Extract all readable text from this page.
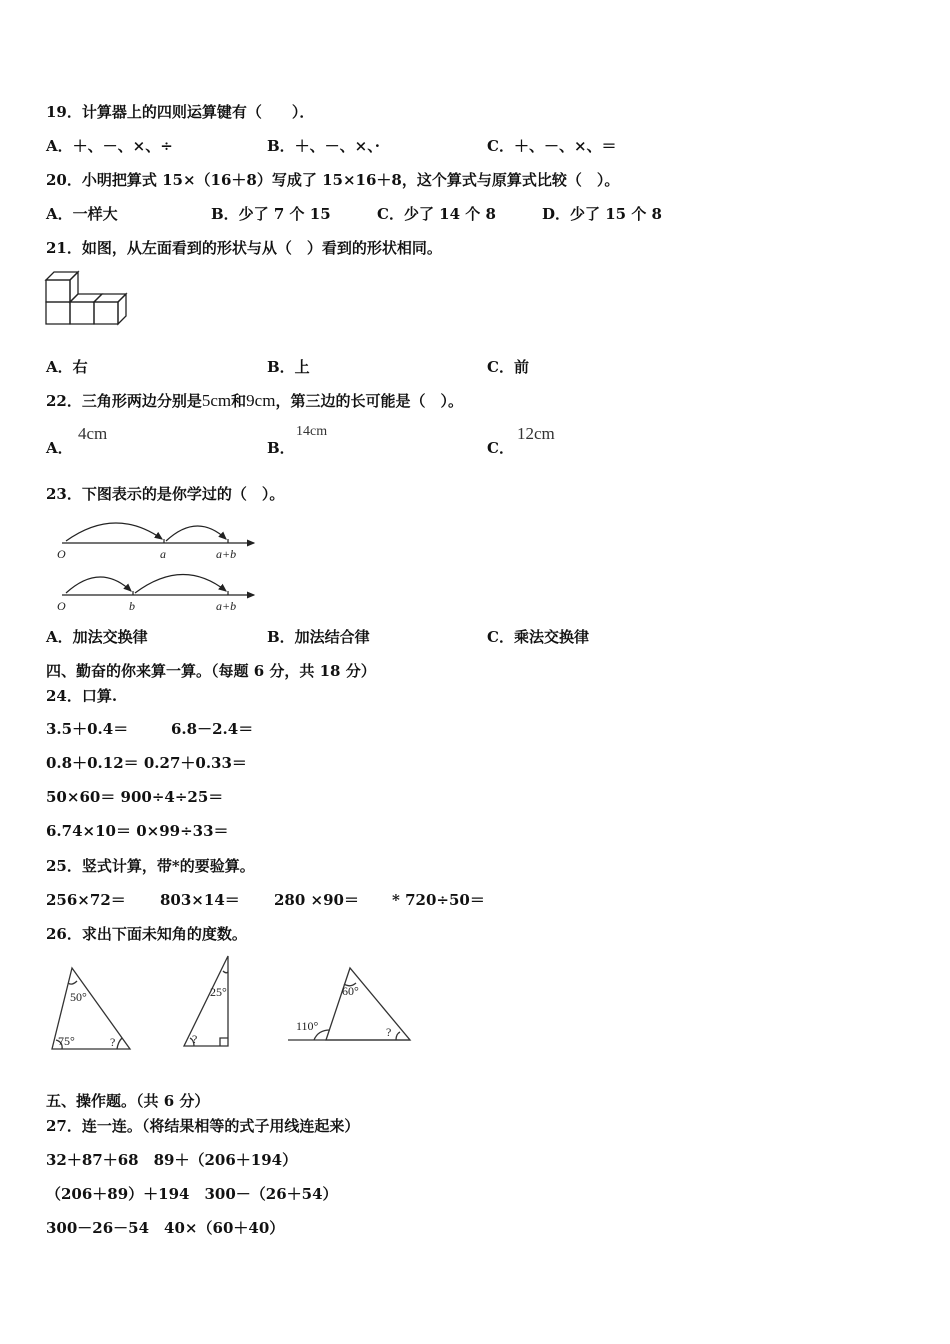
19．计算器上的四则运算键有（　　）．
A．＋、－、×、÷	B．＋、－、×、·	C．＋、－、×、＝
20．小明把算式 15×（16＋8）写成了 15×16＋8，这个算式与原算式比较（　）。
A．一样大	B．少了 7 个 15	C．少了 14 个 8	D．少了 15 个 8
21．如图，从左面看到的形状与从（　）看到的形状相同。
A．右	B．上	C．前
22．三角形两边分别是5cm和9cm，第三边的长可能是（　）。
A．
4cm
B．
14cm
C．
12cm
23．下图表示的是你学过的（　）。
O	a	a+b
O	b	a+b
A．加法交换律	B．加法结合律	C．乘法交换律
四、勤奋的你来算一算。（每题 6 分，共 18 分）
24．口算.
3.5＋0.4＝	6.8－2.4＝
0.8＋0.12＝ 0.27＋0.33＝
50×60＝ 900÷4÷25＝
6.74×10＝ 0×99÷33＝
25．竖式计算，带*的要验算。
256×72＝ 803×14＝ 280 ×90＝ * 720÷50＝
26．求出下面未知角的度数。
50°
75°	?
25°
?
60°
110°	?
五、操作题。（共 6 分）
27．连一连。（将结果相等的式子用线连起来）
32＋87＋68　89＋（206＋194）
（206＋89）＋194　300－（26＋54）
300－26－54　40×（60＋40）
